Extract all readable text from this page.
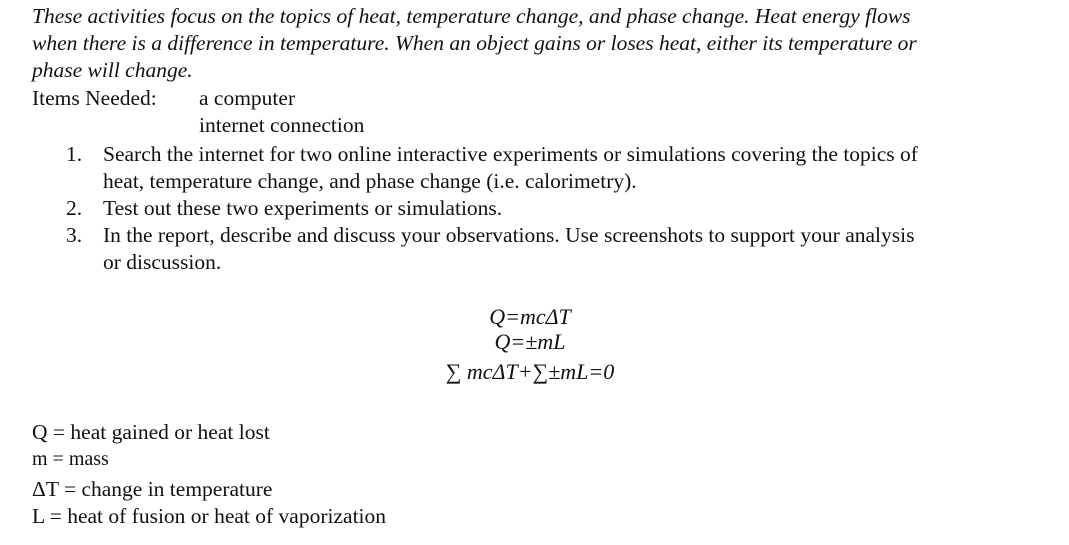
These activities focus on the topics of heat, temperature change, and phase change. Heat energy flows
when there is a difference in temperature. When an object gains or loses heat, either its temperature or
phase will change.
Items Needed: a computer
internet connection
1. Search the internet for two online interactive experiments or simulations covering the topics of
heat, temperature change, and phase change (i.e. calorimetry).
2. Test out these two experiments or simulations.
3. In the report, describe and discuss your observations. Use screenshots to support your analysis
or discussion.
Q=mcΔT
Q=±mL
∑ mcΔT+∑±mL=0
Q = heat gained or heat lost
m = mass
ΔT = change in temperature
L = heat of fusion or heat of vaporization
